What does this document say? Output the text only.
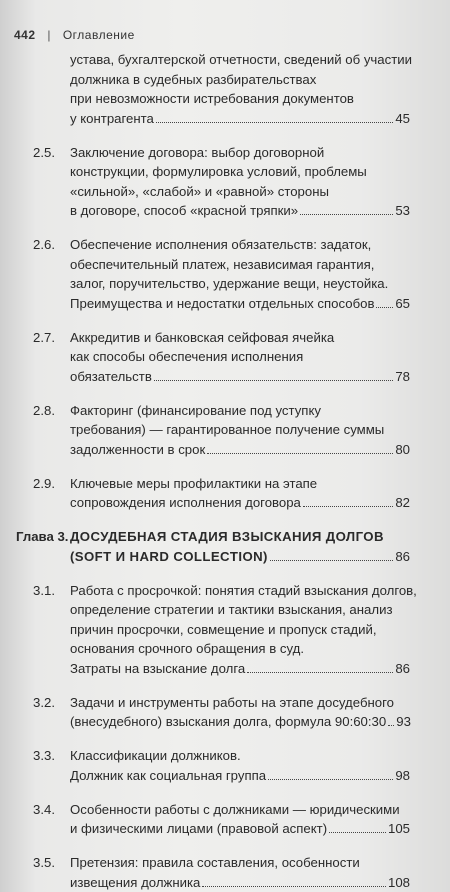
442 | Оглавление
устава, бухгалтерской отчетности, сведений об участии
должника в судебных разбирательствах
при невозможности истребования документов
у контрагента	45
2.5. Заключение договора: выбор договорной
конструкции, формулировка условий, проблемы
«сильной», «слабой» и «равной» стороны
в договоре, способ «красной тряпки»	53
2.6. Обеспечение исполнения обязательств: задаток,
обеспечительный платеж, независимая гарантия,
залог, поручительство, удержание вещи, неустойка.
Преимущества и недостатки отдельных способов 65
2.7. Аккредитив и банковская сейфовая ячейка
как способы обеспечения исполнения
обязательств	78
2.8. Факторинг (финансирование под уступку
требования) — гарантированное получение суммы
задолженности в срок	80
2.9. Ключевые меры профилактики на этапе
сопровождения исполнения договора	82
Глава 3. ДОСУДЕБНАЯ СТАДИЯ ВЗЫСКАНИЯ ДОЛГОВ
(SOFT И HARD COLLECTION)	86
3.1. Работа с просрочкой: понятия стадий взыскания долгов,
определение стратегии и тактики взыскания, анализ
причин просрочки, совмещение и пропуск стадий,
основания срочного обращения в суд.
Затраты на взыскание долга	86
3.2. Задачи и инструменты работы на этапе досудебного
(внесудебного) взыскания долга, формула 90:60:30 93
3.3. Классификации должников.
Должник как социальная группа	98
3.4. Особенности работы с должниками — юридическими
и физическими лицами (правовой аспект)	105
3.5. Претензия: правила составления, особенности
извещения должника	108
